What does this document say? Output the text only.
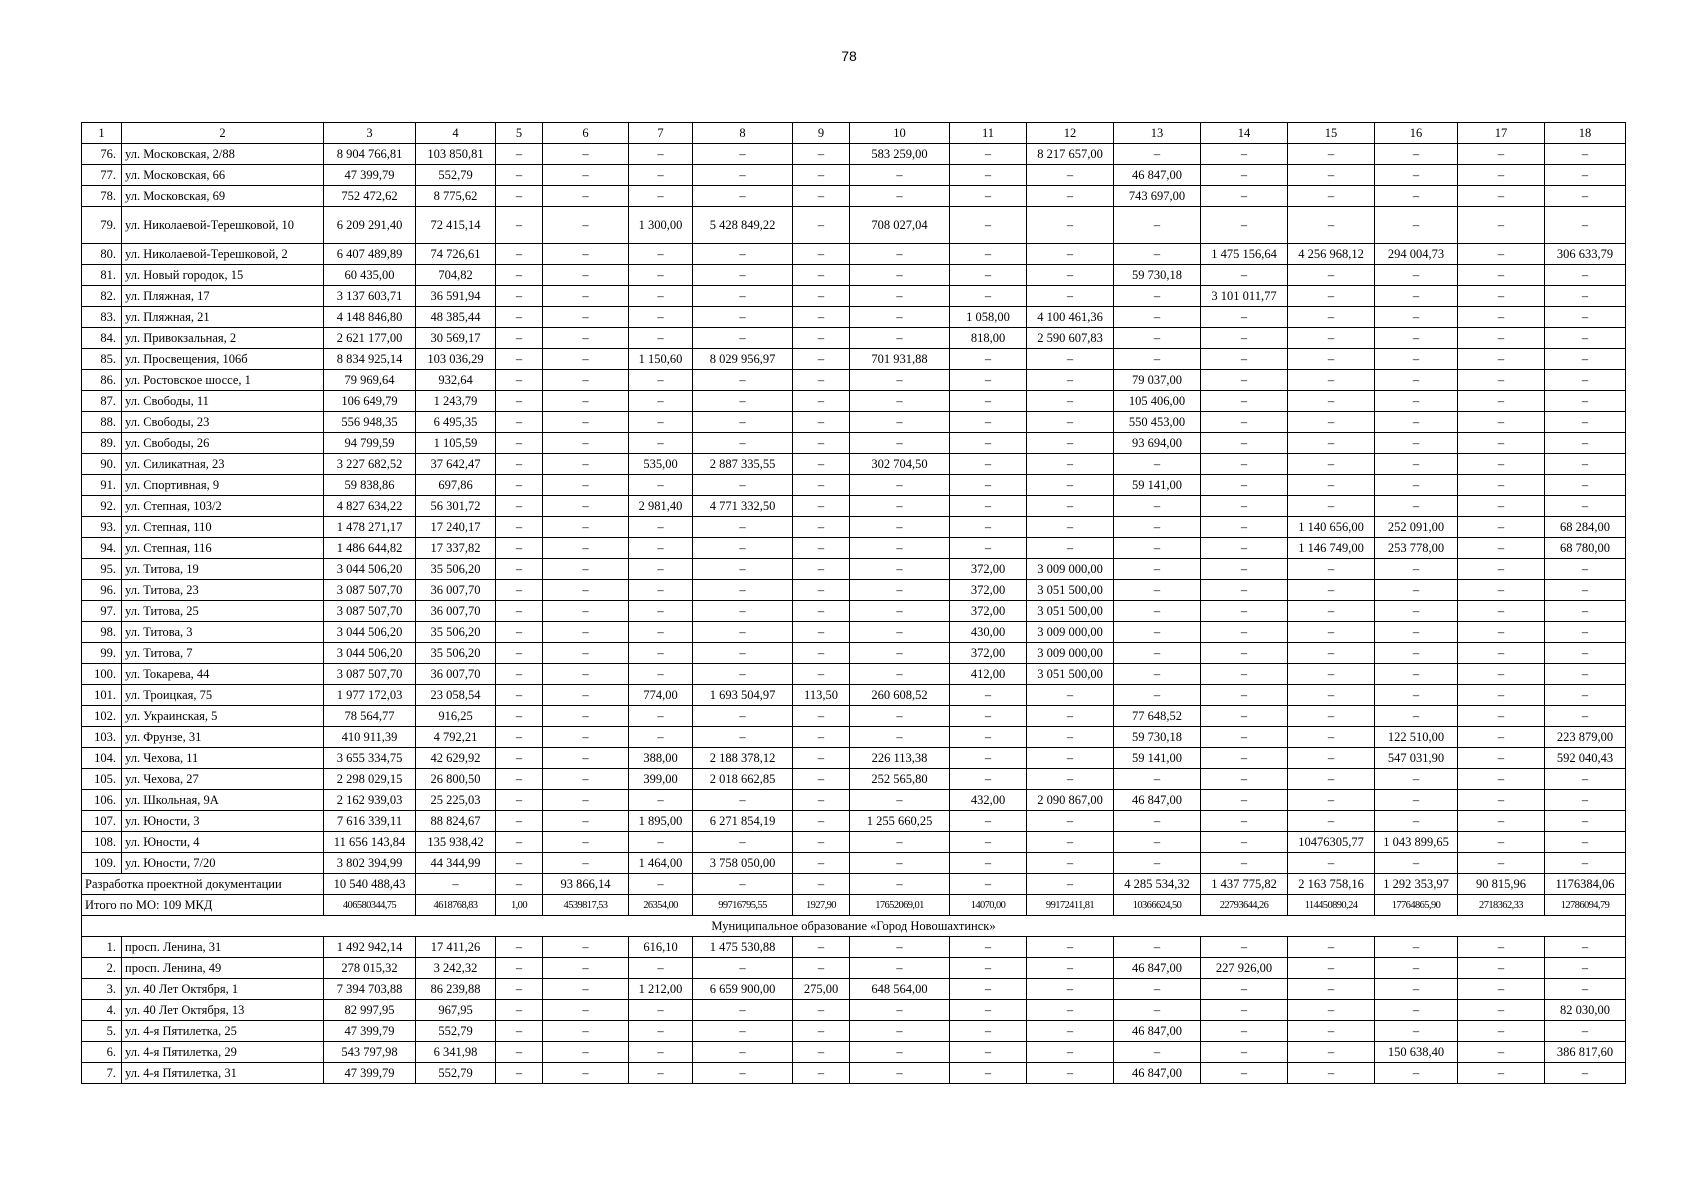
78
1	2	3	4	5	6	7	8	9	10	11	12	13	14	15	16	17	18
76.	ул. Московская, 2/88	8 904 766,81	103 850,81	–	–	–	–	–	583 259,00	–	8 217 657,00	–	–	–	–	–	–
77.	ул. Московская, 66	47 399,79	552,79	–	–	–	–	–	–	–	–	46 847,00	–	–	–	–	–
78.	ул. Московская, 69	752 472,62	8 775,62	–	–	–	–	–	–	–	–	743 697,00	–	–	–	–	–
79.	ул. Николаевой-Терешковой, 10	6 209 291,40	72 415,14	–	–	1 300,00	5 428 849,22	–	708 027,04	–	–	–	–	–	–	–	–
80.	ул. Николаевой-Терешковой, 2	6 407 489,89	74 726,61	–	–	–	–	–	–	–	–	–	1 475 156,64	4 256 968,12	294 004,73	–	306 633,79
81.	ул. Новый городок, 15	60 435,00	704,82	–	–	–	–	–	–	–	–	59 730,18	–	–	–	–	–
82.	ул. Пляжная, 17	3 137 603,71	36 591,94	–	–	–	–	–	–	–	–	–	3 101 011,77	–	–	–	–
83.	ул. Пляжная, 21	4 148 846,80	48 385,44	–	–	–	–	–	–	1 058,00	4 100 461,36	–	–	–	–	–	–
84.	ул. Привокзальная, 2	2 621 177,00	30 569,17	–	–	–	–	–	–	818,00	2 590 607,83	–	–	–	–	–	–
85.	ул. Просвещения, 106б	8 834 925,14	103 036,29	–	–	1 150,60	8 029 956,97	–	701 931,88	–	–	–	–	–	–	–	–
86.	ул. Ростовское шоссе, 1	79 969,64	932,64	–	–	–	–	–	–	–	–	79 037,00	–	–	–	–	–
87.	ул. Свободы, 11	106 649,79	1 243,79	–	–	–	–	–	–	–	–	105 406,00	–	–	–	–	–
88.	ул. Свободы, 23	556 948,35	6 495,35	–	–	–	–	–	–	–	–	550 453,00	–	–	–	–	–
89.	ул. Свободы, 26	94 799,59	1 105,59	–	–	–	–	–	–	–	–	93 694,00	–	–	–	–	–
90.	ул. Силикатная, 23	3 227 682,52	37 642,47	–	–	535,00	2 887 335,55	–	302 704,50	–	–	–	–	–	–	–	–
91.	ул. Спортивная, 9	59 838,86	697,86	–	–	–	–	–	–	–	–	59 141,00	–	–	–	–	–
92.	ул. Степная, 103/2	4 827 634,22	56 301,72	–	–	2 981,40	4 771 332,50	–	–	–	–	–	–	–	–	–	–
93.	ул. Степная, 110	1 478 271,17	17 240,17	–	–	–	–	–	–	–	–	–	–	1 140 656,00	252 091,00	–	68 284,00
94.	ул. Степная, 116	1 486 644,82	17 337,82	–	–	–	–	–	–	–	–	–	–	1 146 749,00	253 778,00	–	68 780,00
95.	ул. Титова, 19	3 044 506,20	35 506,20	–	–	–	–	–	–	372,00	3 009 000,00	–	–	–	–	–	–
96.	ул. Титова, 23	3 087 507,70	36 007,70	–	–	–	–	–	–	372,00	3 051 500,00	–	–	–	–	–	–
97.	ул. Титова, 25	3 087 507,70	36 007,70	–	–	–	–	–	–	372,00	3 051 500,00	–	–	–	–	–	–
98.	ул. Титова, 3	3 044 506,20	35 506,20	–	–	–	–	–	–	430,00	3 009 000,00	–	–	–	–	–	–
99.	ул. Титова, 7	3 044 506,20	35 506,20	–	–	–	–	–	–	372,00	3 009 000,00	–	–	–	–	–	–
100.	ул. Токарева, 44	3 087 507,70	36 007,70	–	–	–	–	–	–	412,00	3 051 500,00	–	–	–	–	–	–
101.	ул. Троицкая, 75	1 977 172,03	23 058,54	–	–	774,00	1 693 504,97	113,50	260 608,52	–	–	–	–	–	–	–	–
102.	ул. Украинская, 5	78 564,77	916,25	–	–	–	–	–	–	–	–	77 648,52	–	–	–	–	–
103.	ул. Фрунзе, 31	410 911,39	4 792,21	–	–	–	–	–	–	–	–	59 730,18	–	–	122 510,00	–	223 879,00
104.	ул. Чехова, 11	3 655 334,75	42 629,92	–	–	388,00	2 188 378,12	–	226 113,38	–	–	59 141,00	–	–	547 031,90	–	592 040,43
105.	ул. Чехова, 27	2 298 029,15	26 800,50	–	–	399,00	2 018 662,85	–	252 565,80	–	–	–	–	–	–	–	–
106.	ул. Школьная, 9А	2 162 939,03	25 225,03	–	–	–	–	–	–	432,00	2 090 867,00	46 847,00	–	–	–	–	–
107.	ул. Юности, 3	7 616 339,11	88 824,67	–	–	1 895,00	6 271 854,19	–	1 255 660,25	–	–	–	–	–	–	–	–
108.	ул. Юности, 4	11 656 143,84	135 938,42	–	–	–	–	–	–	–	–	–	–	10476305,77	1 043 899,65	–	–
109.	ул. Юности, 7/20	3 802 394,99	44 344,99	–	–	1 464,00	3 758 050,00	–	–	–	–	–	–	–	–	–	–
Разработка проектной документации		10 540 488,43	–	–	93 866,14	–	–	–	–	–	–	4 285 534,32	1 437 775,82	2 163 758,16	1 292 353,97	90 815,96	1176384,06
Итого по МО: 109 МКД		406580344,75	4618768,83	1,00	4539817,53	26354,00	99716795,55	1927,90	17652069,01	14070,00	99172411,81	10366624,50	22793644,26	114450890,24	17764865,90	2718362,33	12786094,79
Муниципальное образование «Город Новошахтинск»																	
1.	просп. Ленина, 31	1 492 942,14	17 411,26	–	–	616,10	1 475 530,88	–	–	–	–	–	–	–	–	–	–
2.	просп. Ленина, 49	278 015,32	3 242,32	–	–	–	–	–	–	–	–	46 847,00	227 926,00	–	–	–	–
3.	ул. 40 Лет Октября, 1	7 394 703,88	86 239,88	–	–	1 212,00	6 659 900,00	275,00	648 564,00	–	–	–	–	–	–	–	–
4.	ул. 40 Лет Октября, 13	82 997,95	967,95	–	–	–	–	–	–	–	–	–	–	–	–	–	82 030,00
5.	ул. 4-я Пятилетка, 25	47 399,79	552,79	–	–	–	–	–	–	–	–	46 847,00	–	–	–	–	–
6.	ул. 4-я Пятилетка, 29	543 797,98	6 341,98	–	–	–	–	–	–	–	–	–	–	–	150 638,40	–	386 817,60
7.	ул. 4-я Пятилетка, 31	47 399,79	552,79	–	–	–	–	–	–	–	–	46 847,00	–	–	–	–	–
